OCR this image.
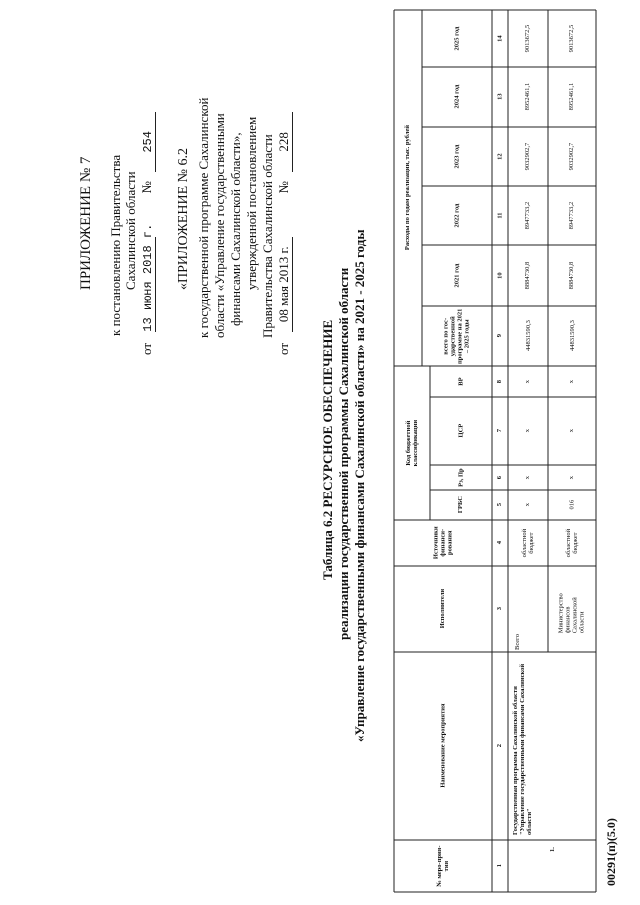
ПРИЛОЖЕНИЕ № 7 к постановлению Правительства Сахалинской области
от 13 июня 2018 г. № 254
«ПРИЛОЖЕНИЕ № 6.2 к государственной программе Сахалинской области «Управление государственными финансами Сахалинской области», утвержденной постановлением Правительства Сахалинской области
от 08 мая 2013 г. № 228
Таблица 6.2 РЕСУРСНОЕ ОБЕСПЕЧЕНИЕ реализации государственной программы Сахалинской области «Управление государственными финансами Сахалинской области» на 2021 - 2025 годы
№ меро-прия-тия
Наименование мероприятия
Исполнители
Источники финанси-рования
Код бюджетной классификации
ГРБС
Рз, Пр
ЦСР
ВР
Расходы по годам реализации, тыс. рублей
всего по гос-ударственной программе на 2021 – 2025 годы
2021 год
2022 год
2023 год
2024 год
2025 год
1
2
3
4
5
6
7
8
9
10
11
12
13
14
1.
Государственная программа Сахалинской области "Управление государственными финансами Сахалинской области"
Всего
областной бюджет
х
х
х
х
44831590,3
8884730,8
8947733,2
9032902,7
8952461,1
9013672,5
Министерство финансов Сахалинской области
областной бюджет
016
х
х
х
44831590,3
8884730,8
8947733,2
9032902,7
8952461,1
9013672,5
00291(п)(5.0)
